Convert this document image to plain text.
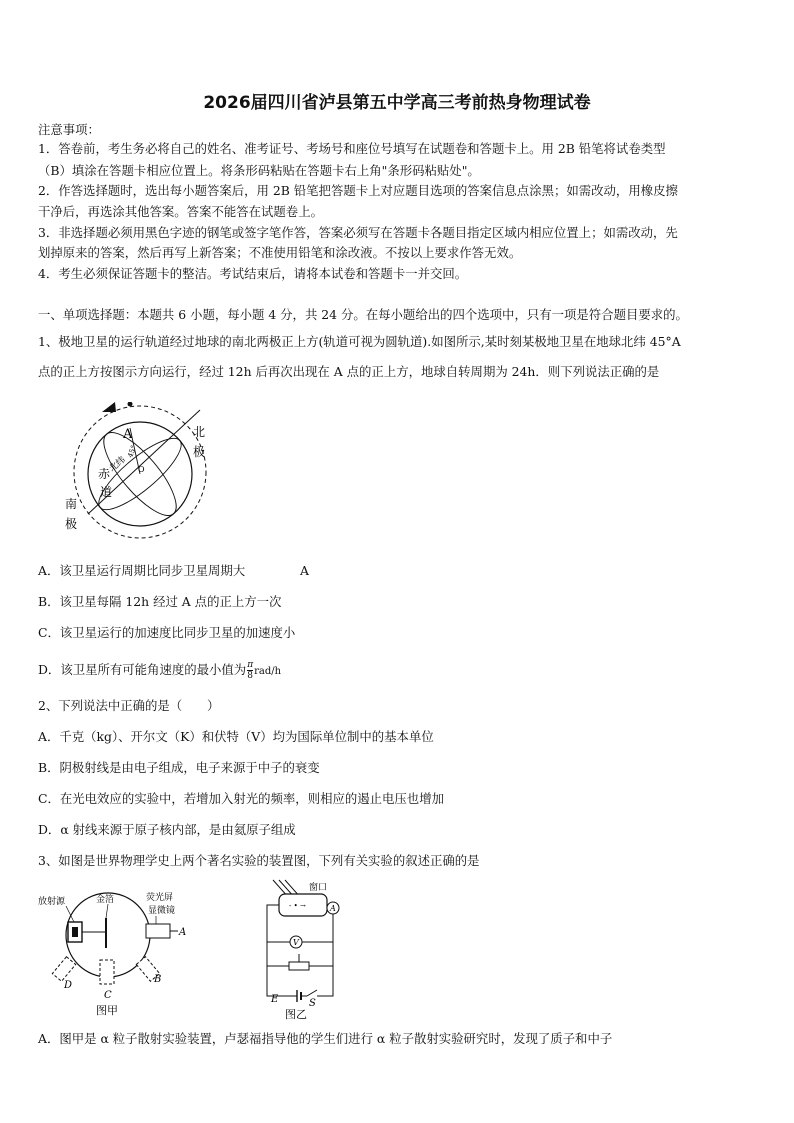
2026届四川省泸县第五中学高三考前热身物理试卷
注意事项：
1．答卷前，考生务必将自己的姓名、准考证号、考场号和座位号填写在试题卷和答题卡上。用 2B 铅笔将试卷类型
（B）填涂在答题卡相应位置上。将条形码粘贴在答题卡右上角"条形码粘贴处"。
2．作答选择题时，选出每小题答案后，用 2B 铅笔把答题卡上对应题目选项的答案信息点涂黑；如需改动，用橡皮擦
干净后，再选涂其他答案。答案不能答在试题卷上。
3．非选择题必须用黑色字迹的钢笔或签字笔作答，答案必须写在答题卡各题目指定区域内相应位置上；如需改动，先
划掉原来的答案，然后再写上新答案；不准使用铅笔和涂改液。不按以上要求作答无效。
4．考生必须保证答题卡的整洁。考试结束后，请将本试卷和答题卡一并交回。
一、单项选择题：本题共 6 小题，每小题 4 分，共 24 分。在每小题给出的四个选项中，只有一项是符合题目要求的。
1、极地卫星的运行轨道经过地球的南北两极正上方(轨道可视为圆轨道).如图所示,某时刻某极地卫星在地球北纬 45°A
点的正上方按图示方向运行，经过 12h 后再次出现在 A 点的正上方，地球自转周期为 24h．则下列说法正确的是
A
45°
北纬 O
赤
道
北
极
南
极
A．该卫星运行周期比同步卫星周期大	A
B．该卫星每隔 12h 经过 A 点的正上方一次
C．该卫星运行的加速度比同步卫星的加速度小
D．该卫星所有可能角速度的最小值为 $\frac{\pi}{8} rad/h$
2、下列说法中正确的是（　　）
A．千克（kg）、开尔文（K）和伏特（V）均为国际单位制中的基本单位
B．阴极射线是由电子组成，电子来源于中子的衰变
C．在光电效应的实验中，若增加入射光的频率，则相应的遏止电压也增加
D．α 射线来源于原子核内部，是由氦原子组成
3、如图是世界物理学史上两个著名实验的装置图，下列有关实验的叙述正确的是
放射源	金箔	荧光屏
显微镜
A
B
C
D
图甲
- • →
窗口
A
V
E	S
图乙
A．图甲是 α 粒子散射实验装置，卢瑟福指导他的学生们进行 α 粒子散射实验研究时，发现了质子和中子
